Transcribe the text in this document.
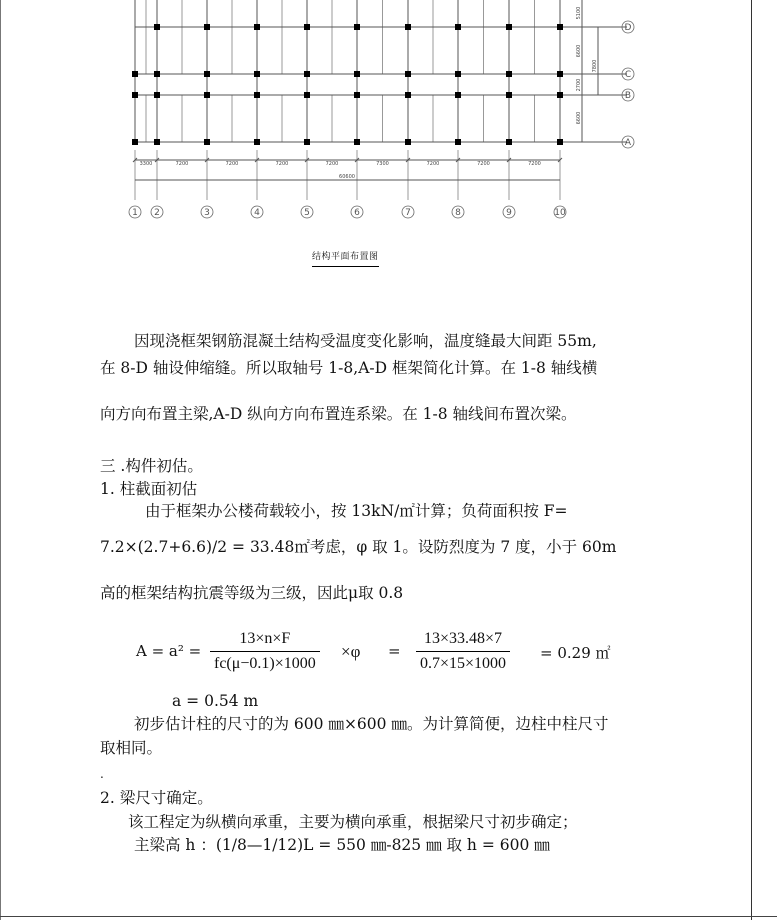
3300	7200	7200	7200	7200	7300	7200	7200	7200
60600
5100
6600
2700
6600
7800
1 2	3	4	5	6	7	8	9	10
D
C
B
A
结构平面布置图
因现浇框架钢筋混凝土结构受温度变化影响，温度缝最大间距 55m,
在 8-D 轴设伸缩缝。所以取轴号 1-8,A-D 框架简化计算。在 1-8 轴线横
向方向布置主梁,A-D 纵向方向布置连系梁。在 1-8 轴线间布置次梁。
三 .构件初估。
1. 柱截面初估
由于框架办公楼荷载较小，按 13kN/㎡计算；负荷面积按 F=
7.2×(2.7+6.6)/2 = 33.48㎡考虑，φ 取 1。设防烈度为 7 度，小于 60m
高的框架结构抗震等级为三级，因此μ取 0.8
A = a² =
13×n×F
fc(μ−0.1)×1000
×φ =
13×33.48×7
0.7×15×1000
= 0.29 ㎡
a = 0.54 m
初步估计柱的尺寸的为 600 ㎜×600 ㎜。为计算简便，边柱中柱尺寸
取相同。
.
2. 梁尺寸确定。
该工程定为纵横向承重，主要为横向承重，根据梁尺寸初步确定；
主梁高 h ：(1/8—1/12)L = 550 ㎜-825 ㎜ 取 h = 600 ㎜
